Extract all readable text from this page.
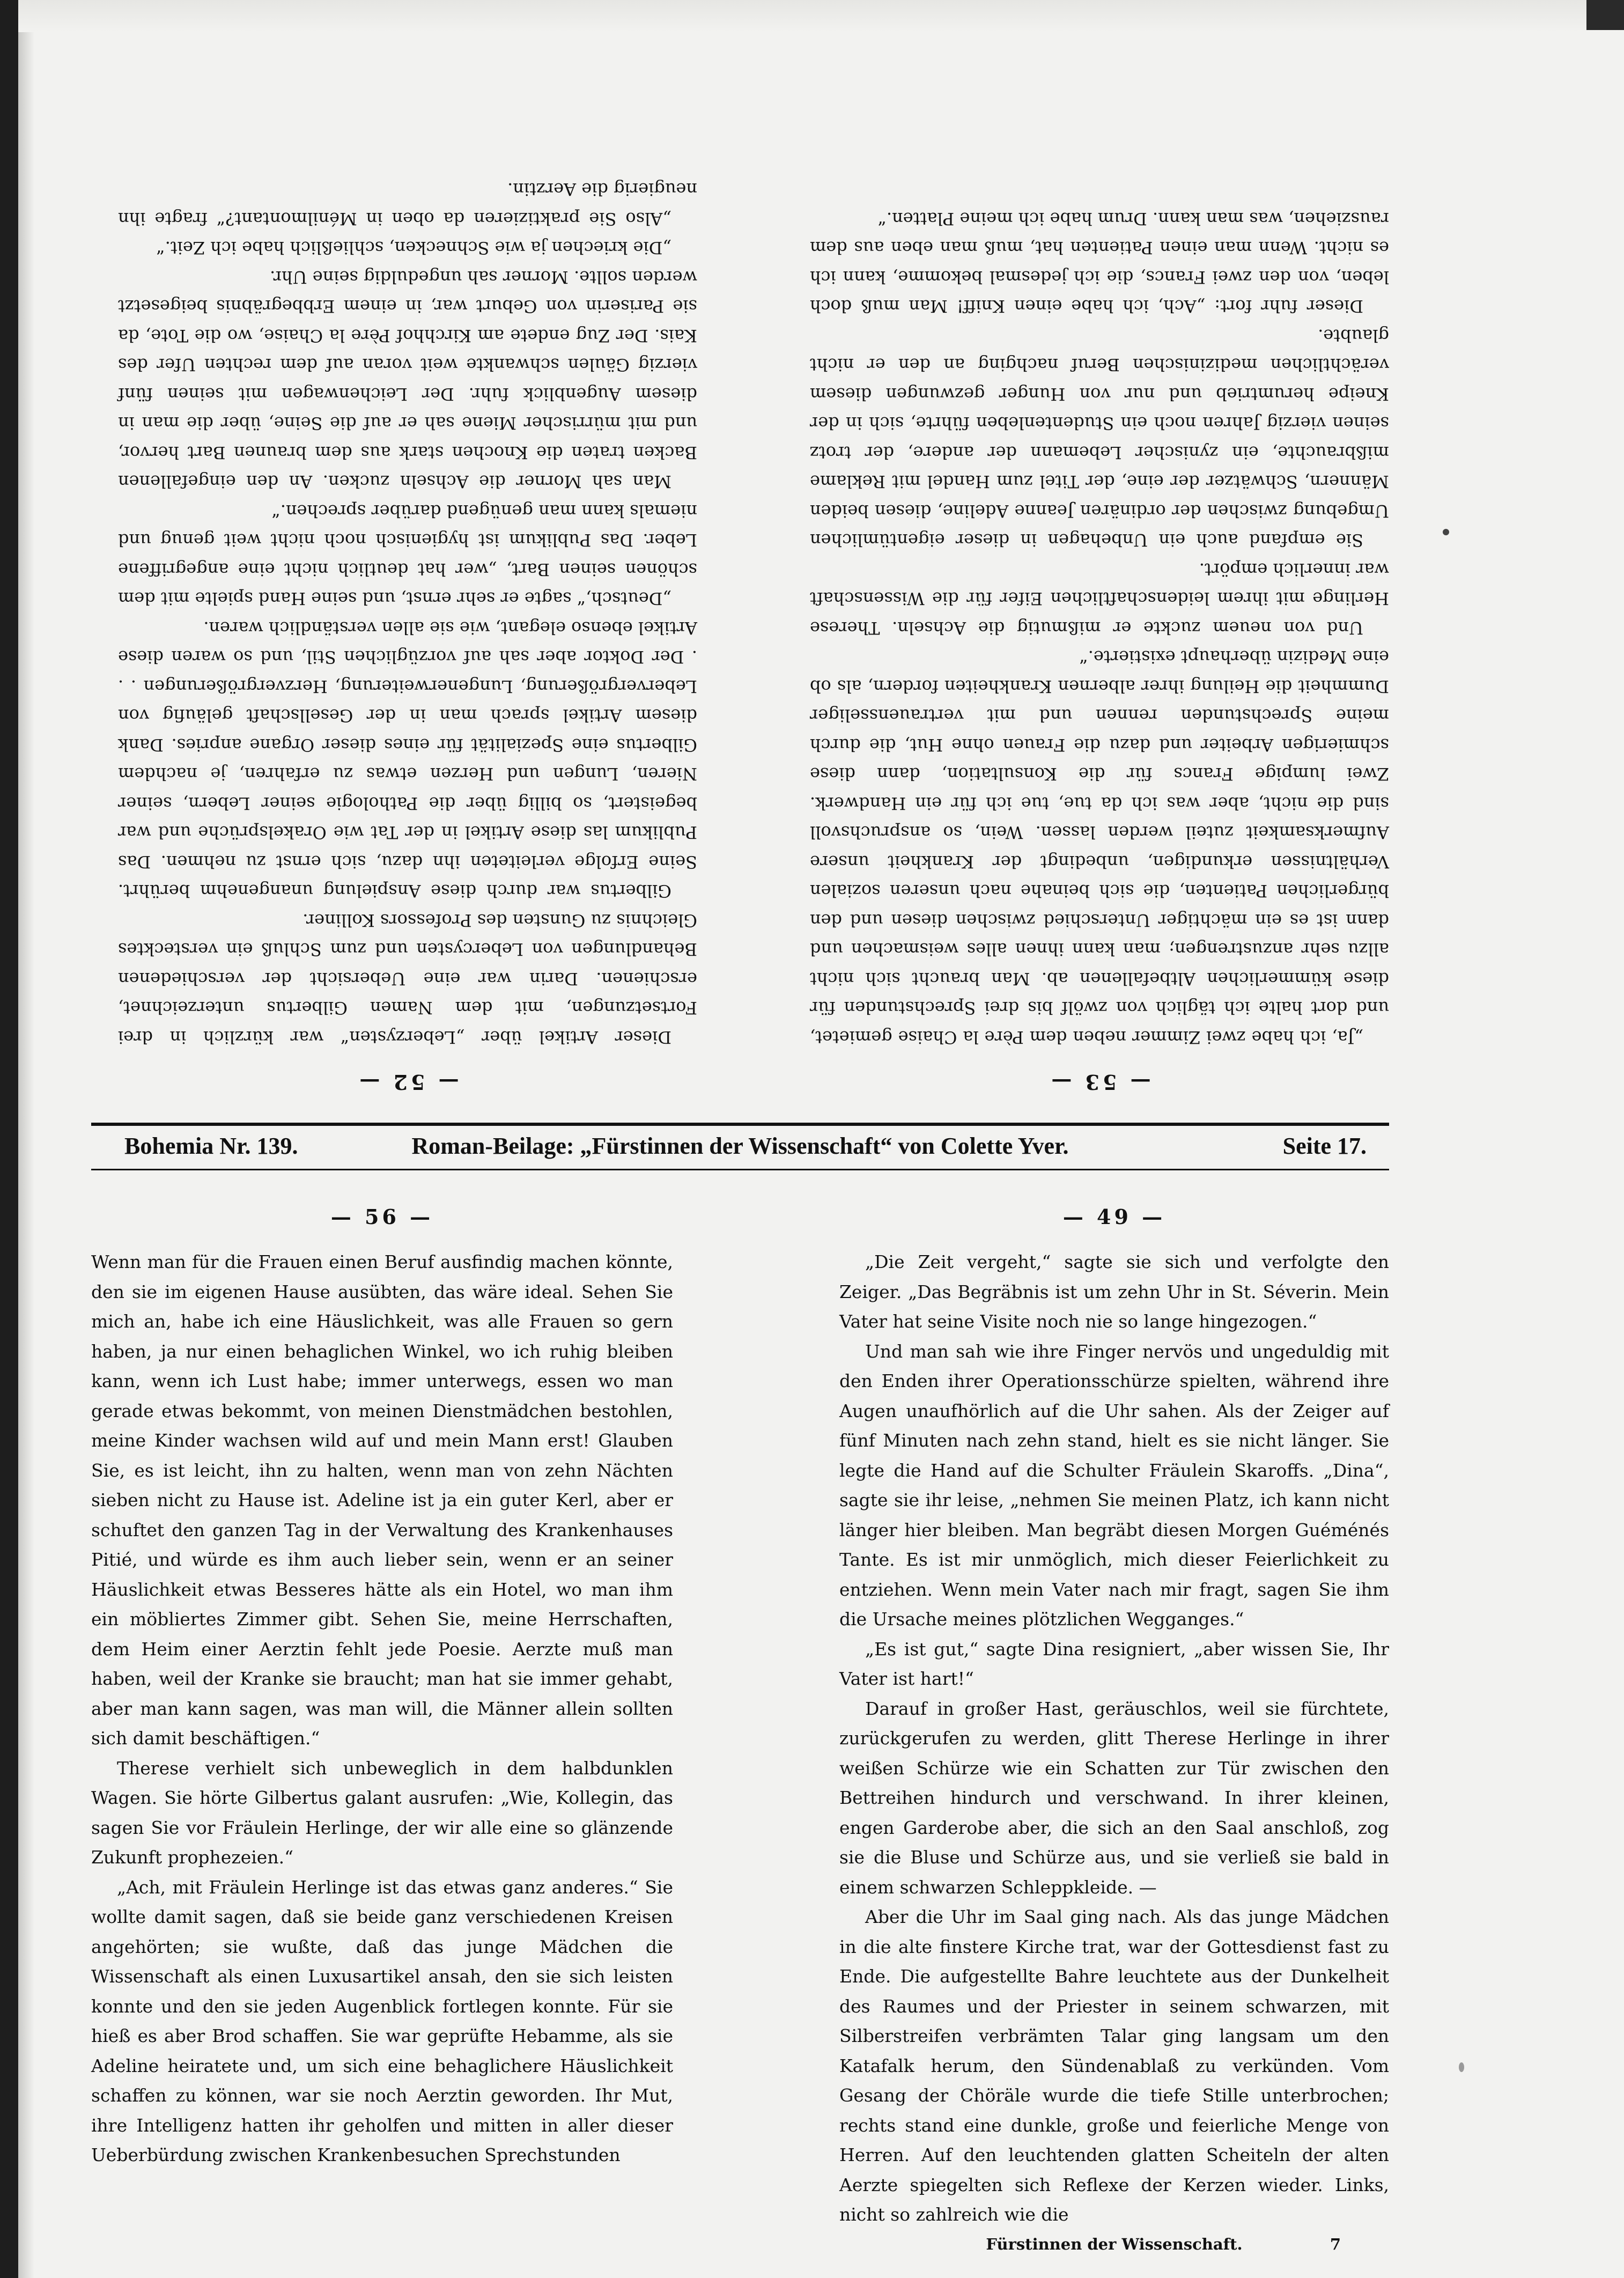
— 53 —

„Ja, ich habe zwei Zimmer neben dem Père la Chaise gemietet, und dort halte ich täglich von zwölf bis drei Sprechstunden für diese kümmerlichen Altbefallenen ab. Man braucht sich nicht allzu sehr anzustrengen; man kann ihnen alles weismachen und dann ist es ein mächtiger Unterschied zwischen diesen und den bürgerlichen Patienten, die sich beinahe nach unseren sozialen Verhältnissen erkundigen, unbedingt der Krankheit unsere Aufmerksamkeit zuteil werden lassen. Wein, so anspruchsvoll sind die nicht, aber was ich da tue, tue ich für ein Handwerk. Zwei lumpige Francs für die Konsultation, dann diese schmierigen Arbeiter und dazu die Frauen ohne Hut, die durch meine Sprechstunden rennen und mit vertrauensseliger Dummheit die Heilung ihrer albernen Krankheiten fordern, als ob eine Medizin überhaupt existierte.“

Und von neuem zuckte er mißmutig die Achseln. Therese Herlinge mit ihrem leidenschaftlichen Eifer für die Wissenschaft war innerlich empört.

Sie empfand auch ein Unbehagen in dieser eigentümlichen Umgebung zwischen der ordinären Jeanne Adeline, diesen beiden Männern, Schwätzer der eine, der Titel zum Handel mit Reklame mißbrauchte, ein zynischer Lebemann der andere, der trotz seinen vierzig Jahren noch ein Studentenleben führte, sich in der Kneipe herumtrieb und nur von Hunger gezwungen diesem verächtlichen medizinischen Beruf nachging an den er nicht glaubte.

Dieser fuhr fort: „Ach, ich habe einen Kniff! Man muß doch leben, von den zwei Francs, die ich jedesmal bekomme, kann ich es nicht. Wenn man einen Patienten hat, muß man eben aus dem rausziehen, was man kann. Drum habe ich meine Platten.“

— 52 —

Dieser Artikel über „Leberzysten“ war kürzlich in drei Fortsetzungen, mit dem Namen Gilbertus unterzeichnet, erschienen. Darin war eine Uebersicht der verschiedenen Behandlungen von Lebercysten und zum Schluß ein verstecktes Gleichnis zu Gunsten des Professors Kolliner.

Gilbertus war durch diese Anspielung unangenehm berührt. Seine Erfolge verleiteten ihn dazu, sich ernst zu nehmen. Das Publikum las diese Artikel in der Tat wie Orakelsprüche und war begeistert, so billig über die Pathologie seiner Lebern, seiner Nieren, Lungen und Herzen etwas zu erfahren, je nachdem Gilbertus eine Spezialität für eines dieser Organe anpries. Dank diesem Artikel sprach man in der Gesellschaft geläufig von Lebervergrößerung, Lungenerweiterung, Herzvergrößerungen . . . Der Doktor aber sah auf vorzüglichen Stil, und so waren diese Artikel ebenso elegant, wie sie allen verständlich waren.

„Deutsch,“ sagte er sehr ernst, und seine Hand spielte mit dem schönen seinen Bart, „wer hat deutlich nicht eine angegriffene Leber. Das Publikum ist hygienisch noch nicht weit genug und niemals kann man genügend darüber sprechen.“

Man sah Morner die Achseln zucken. An den eingefallenen Backen traten die Knochen stark aus dem braunen Bart hervor, und mit mürrischer Miene sah er auf die Seine, über die man in diesem Augenblick fuhr. Der Leichenwagen mit seinen fünf vierzig Gäulen schwankte weit voran auf dem rechten Ufer des Kais. Der Zug endete am Kirchhof Père la Chaise, wo die Tote, da sie Pariserin von Geburt war, in einem Erbbegräbnis beigesetzt werden sollte. Morner sah ungeduldig seine Uhr.

„Die kriechen ja wie Schnecken, schließlich habe ich Zeit.“

„Also Sie praktizieren da oben in Ménilmontant?“ fragte ihn neugierig die Aerztin.

Bohemia Nr. 139.	Roman-Beilage: „Fürstinnen der Wissenschaft“ von Colette Yver.	Seite 17.
— 56 —

Wenn man für die Frauen einen Beruf ausfindig machen könnte, den sie im eigenen Hause ausübten, das wäre ideal. Sehen Sie mich an, habe ich eine Häuslichkeit, was alle Frauen so gern haben, ja nur einen behaglichen Winkel, wo ich ruhig bleiben kann, wenn ich Lust habe; immer unterwegs, essen wo man gerade etwas bekommt, von meinen Dienstmädchen bestohlen, meine Kinder wachsen wild auf und mein Mann erst! Glauben Sie, es ist leicht, ihn zu halten, wenn man von zehn Nächten sieben nicht zu Hause ist. Adeline ist ja ein guter Kerl, aber er schuftet den ganzen Tag in der Verwaltung des Krankenhauses Pitié, und würde es ihm auch lieber sein, wenn er an seiner Häuslichkeit etwas Besseres hätte als ein Hotel, wo man ihm ein möbliertes Zimmer gibt. Sehen Sie, meine Herrschaften, dem Heim einer Aerztin fehlt jede Poesie. Aerzte muß man haben, weil der Kranke sie braucht; man hat sie immer gehabt, aber man kann sagen, was man will, die Männer allein sollten sich damit beschäftigen.“

Therese verhielt sich unbeweglich in dem halbdunklen Wagen. Sie hörte Gilbertus galant ausrufen: „Wie, Kollegin, das sagen Sie vor Fräulein Herlinge, der wir alle eine so glänzende Zukunft prophezeien.“

„Ach, mit Fräulein Herlinge ist das etwas ganz anderes.“ Sie wollte damit sagen, daß sie beide ganz verschiedenen Kreisen angehörten; sie wußte, daß das junge Mädchen die Wissenschaft als einen Luxusartikel ansah, den sie sich leisten konnte und den sie jeden Augenblick fortlegen konnte. Für sie hieß es aber Brod schaffen. Sie war geprüfte Hebamme, als sie Adeline heiratete und, um sich eine behaglichere Häuslichkeit schaffen zu können, war sie noch Aerztin geworden. Ihr Mut, ihre Intelligenz hatten ihr geholfen und mitten in aller dieser Ueberbürdung zwischen Krankenbesuchen Sprechstunden

— 49 —

„Die Zeit vergeht,“ sagte sie sich und verfolgte den Zeiger. „Das Begräbnis ist um zehn Uhr in St. Séverin. Mein Vater hat seine Visite noch nie so lange hingezogen.“

Und man sah wie ihre Finger nervös und ungeduldig mit den Enden ihrer Operationsschürze spielten, während ihre Augen unaufhörlich auf die Uhr sahen. Als der Zeiger auf fünf Minuten nach zehn stand, hielt es sie nicht länger. Sie legte die Hand auf die Schulter Fräulein Skaroffs. „Dina“, sagte sie ihr leise, „nehmen Sie meinen Platz, ich kann nicht länger hier bleiben. Man begräbt diesen Morgen Guéménés Tante. Es ist mir unmöglich, mich dieser Feierlichkeit zu entziehen. Wenn mein Vater nach mir fragt, sagen Sie ihm die Ursache meines plötzlichen Wegganges.“

„Es ist gut,“ sagte Dina resigniert, „aber wissen Sie, Ihr Vater ist hart!“

Darauf in großer Hast, geräuschlos, weil sie fürchtete, zurückgerufen zu werden, glitt Therese Herlinge in ihrer weißen Schürze wie ein Schatten zur Tür zwischen den Bettreihen hindurch und verschwand. In ihrer kleinen, engen Garderobe aber, die sich an den Saal anschloß, zog sie die Bluse und Schürze aus, und sie verließ sie bald in einem schwarzen Schleppkleide. —

Aber die Uhr im Saal ging nach. Als das junge Mädchen in die alte finstere Kirche trat, war der Gottesdienst fast zu Ende. Die aufgestellte Bahre leuchtete aus der Dunkelheit des Raumes und der Priester in seinem schwarzen, mit Silberstreifen verbrämten Talar ging langsam um den Katafalk herum, den Sündenablaß zu verkünden. Vom Gesang der Chöräle wurde die tiefe Stille unterbrochen; rechts stand eine dunkle, große und feierliche Menge von Herren. Auf den leuchtenden glatten Scheiteln der alten Aerzte spiegelten sich Reflexe der Kerzen wieder. Links, nicht so zahlreich wie die

Fürstinnen der Wissenschaft.	7
